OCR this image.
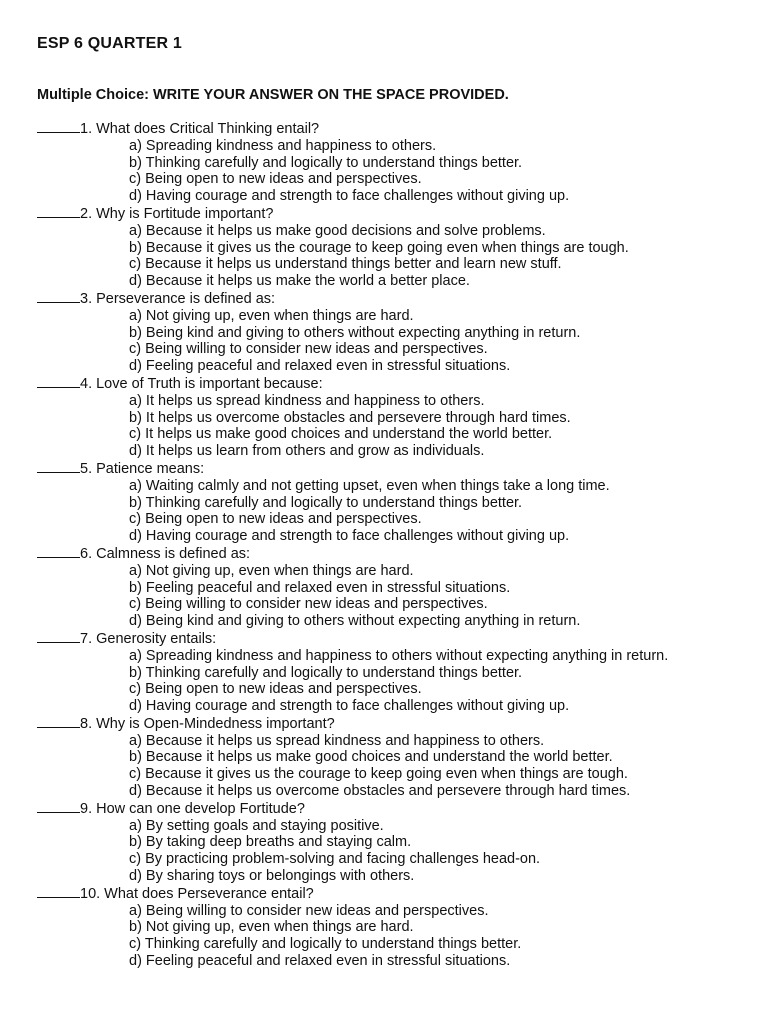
ESP 6 QUARTER 1
Multiple Choice: WRITE YOUR ANSWER ON THE SPACE PROVIDED.
1. What does Critical Thinking entail?
a) Spreading kindness and happiness to others.
b) Thinking carefully and logically to understand things better.
c) Being open to new ideas and perspectives.
d) Having courage and strength to face challenges without giving up.
2. Why is Fortitude important?
a) Because it helps us make good decisions and solve problems.
b) Because it gives us the courage to keep going even when things are tough.
c) Because it helps us understand things better and learn new stuff.
d) Because it helps us make the world a better place.
3. Perseverance is defined as:
a) Not giving up, even when things are hard.
b) Being kind and giving to others without expecting anything in return.
c) Being willing to consider new ideas and perspectives.
d) Feeling peaceful and relaxed even in stressful situations.
4. Love of Truth is important because:
a) It helps us spread kindness and happiness to others.
b) It helps us overcome obstacles and persevere through hard times.
c) It helps us make good choices and understand the world better.
d) It helps us learn from others and grow as individuals.
5. Patience means:
a) Waiting calmly and not getting upset, even when things take a long time.
b) Thinking carefully and logically to understand things better.
c) Being open to new ideas and perspectives.
d) Having courage and strength to face challenges without giving up.
6. Calmness is defined as:
a) Not giving up, even when things are hard.
b) Feeling peaceful and relaxed even in stressful situations.
c) Being willing to consider new ideas and perspectives.
d) Being kind and giving to others without expecting anything in return.
7. Generosity entails:
a) Spreading kindness and happiness to others without expecting anything in return.
b) Thinking carefully and logically to understand things better.
c) Being open to new ideas and perspectives.
d) Having courage and strength to face challenges without giving up.
8. Why is Open-Mindedness important?
a) Because it helps us spread kindness and happiness to others.
b) Because it helps us make good choices and understand the world better.
c) Because it gives us the courage to keep going even when things are tough.
d) Because it helps us overcome obstacles and persevere through hard times.
9. How can one develop Fortitude?
a) By setting goals and staying positive.
b) By taking deep breaths and staying calm.
c) By practicing problem-solving and facing challenges head-on.
d) By sharing toys or belongings with others.
10. What does Perseverance entail?
a) Being willing to consider new ideas and perspectives.
b) Not giving up, even when things are hard.
c) Thinking carefully and logically to understand things better.
d) Feeling peaceful and relaxed even in stressful situations.
